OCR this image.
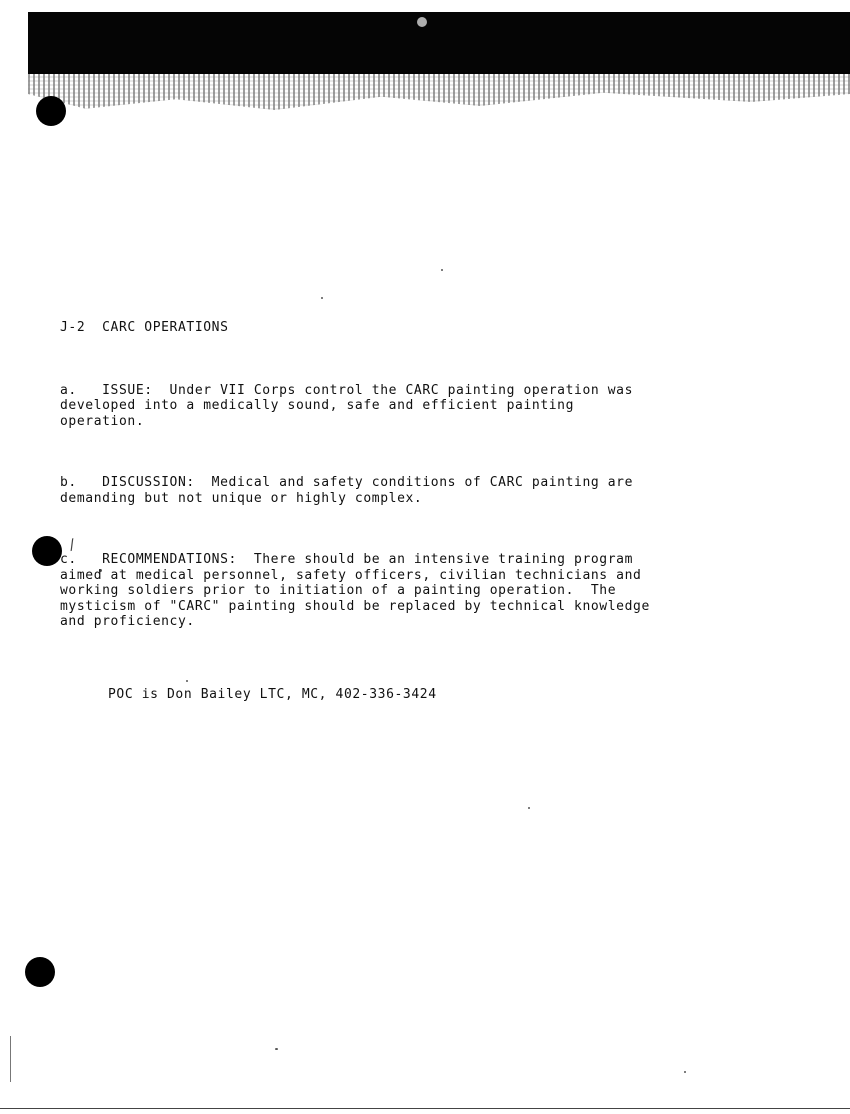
/

J-2  CARC OPERATIONS

a.   ISSUE:  Under VII Corps control the CARC painting operation was
developed into a medically sound, safe and efficient painting
operation.

b.   DISCUSSION:  Medical and safety conditions of CARC painting are
demanding but not unique or highly complex.

c.   RECOMMENDATIONS:  There should be an intensive training program
aimed at medical personnel, safety officers, civilian technicians and
working soldiers prior to initiation of a painting operation.  The
mysticism of "CARC" painting should be replaced by technical knowledge
and proficiency.

POC is Don Bailey LTC, MC, 402-336-3424
